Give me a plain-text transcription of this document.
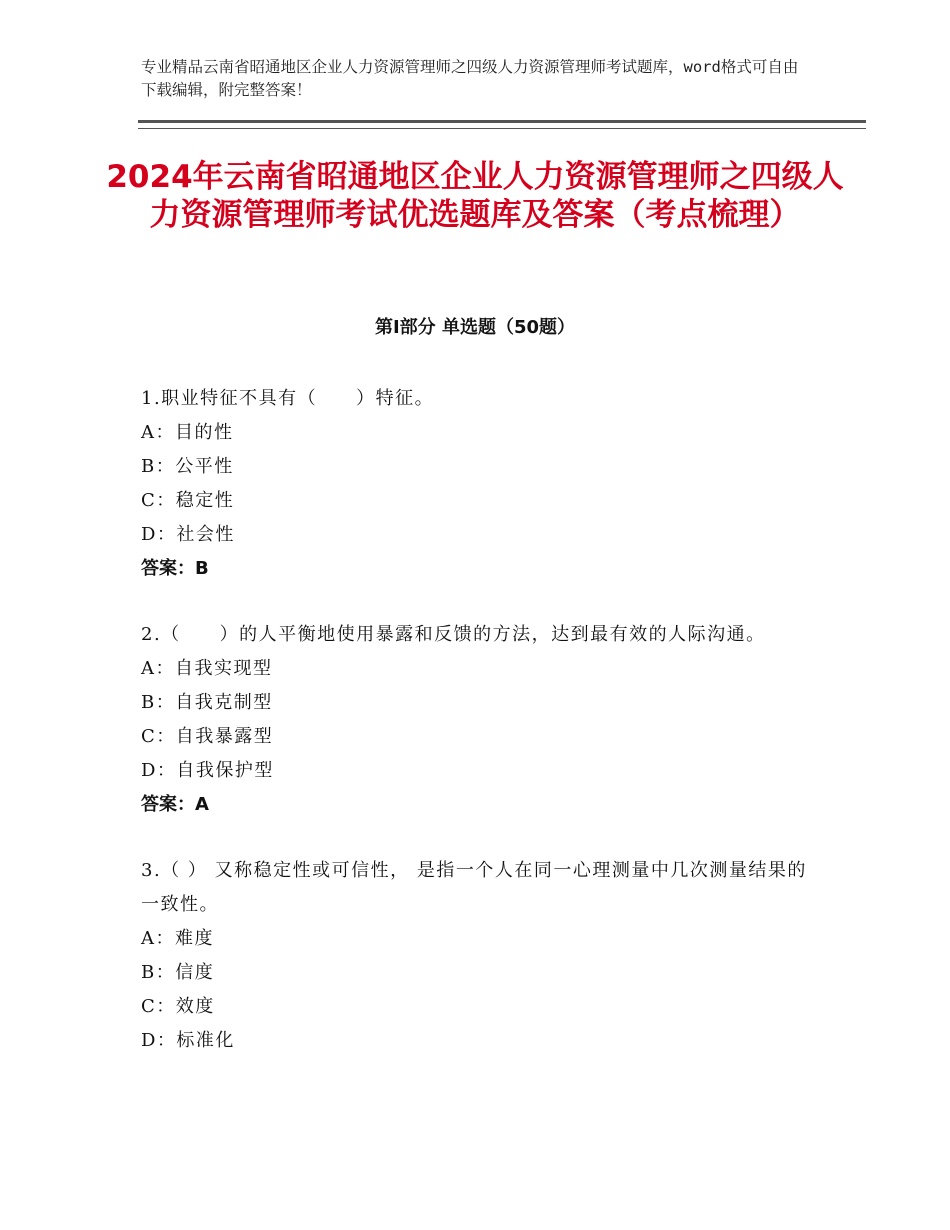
专业精品云南省昭通地区企业人力资源管理师之四级人力资源管理师考试题库，word格式可自由下载编辑，附完整答案！
2024年云南省昭通地区企业人力资源管理师之四级人力资源管理师考试优选题库及答案（考点梳理）
第Ⅰ部分 单选题（50题）
1.职业特征不具有（　　）特征。
A：目的性
B：公平性
C：稳定性
D：社会性
答案：B
2.（　　）的人平衡地使用暴露和反馈的方法，达到最有效的人际沟通。
A：自我实现型
B：自我克制型
C：自我暴露型
D：自我保护型
答案：A
3.（ ） 又称稳定性或可信性， 是指一个人在同一心理测量中几次测量结果的一致性。
A：难度
B：信度
C：效度
D：标准化
